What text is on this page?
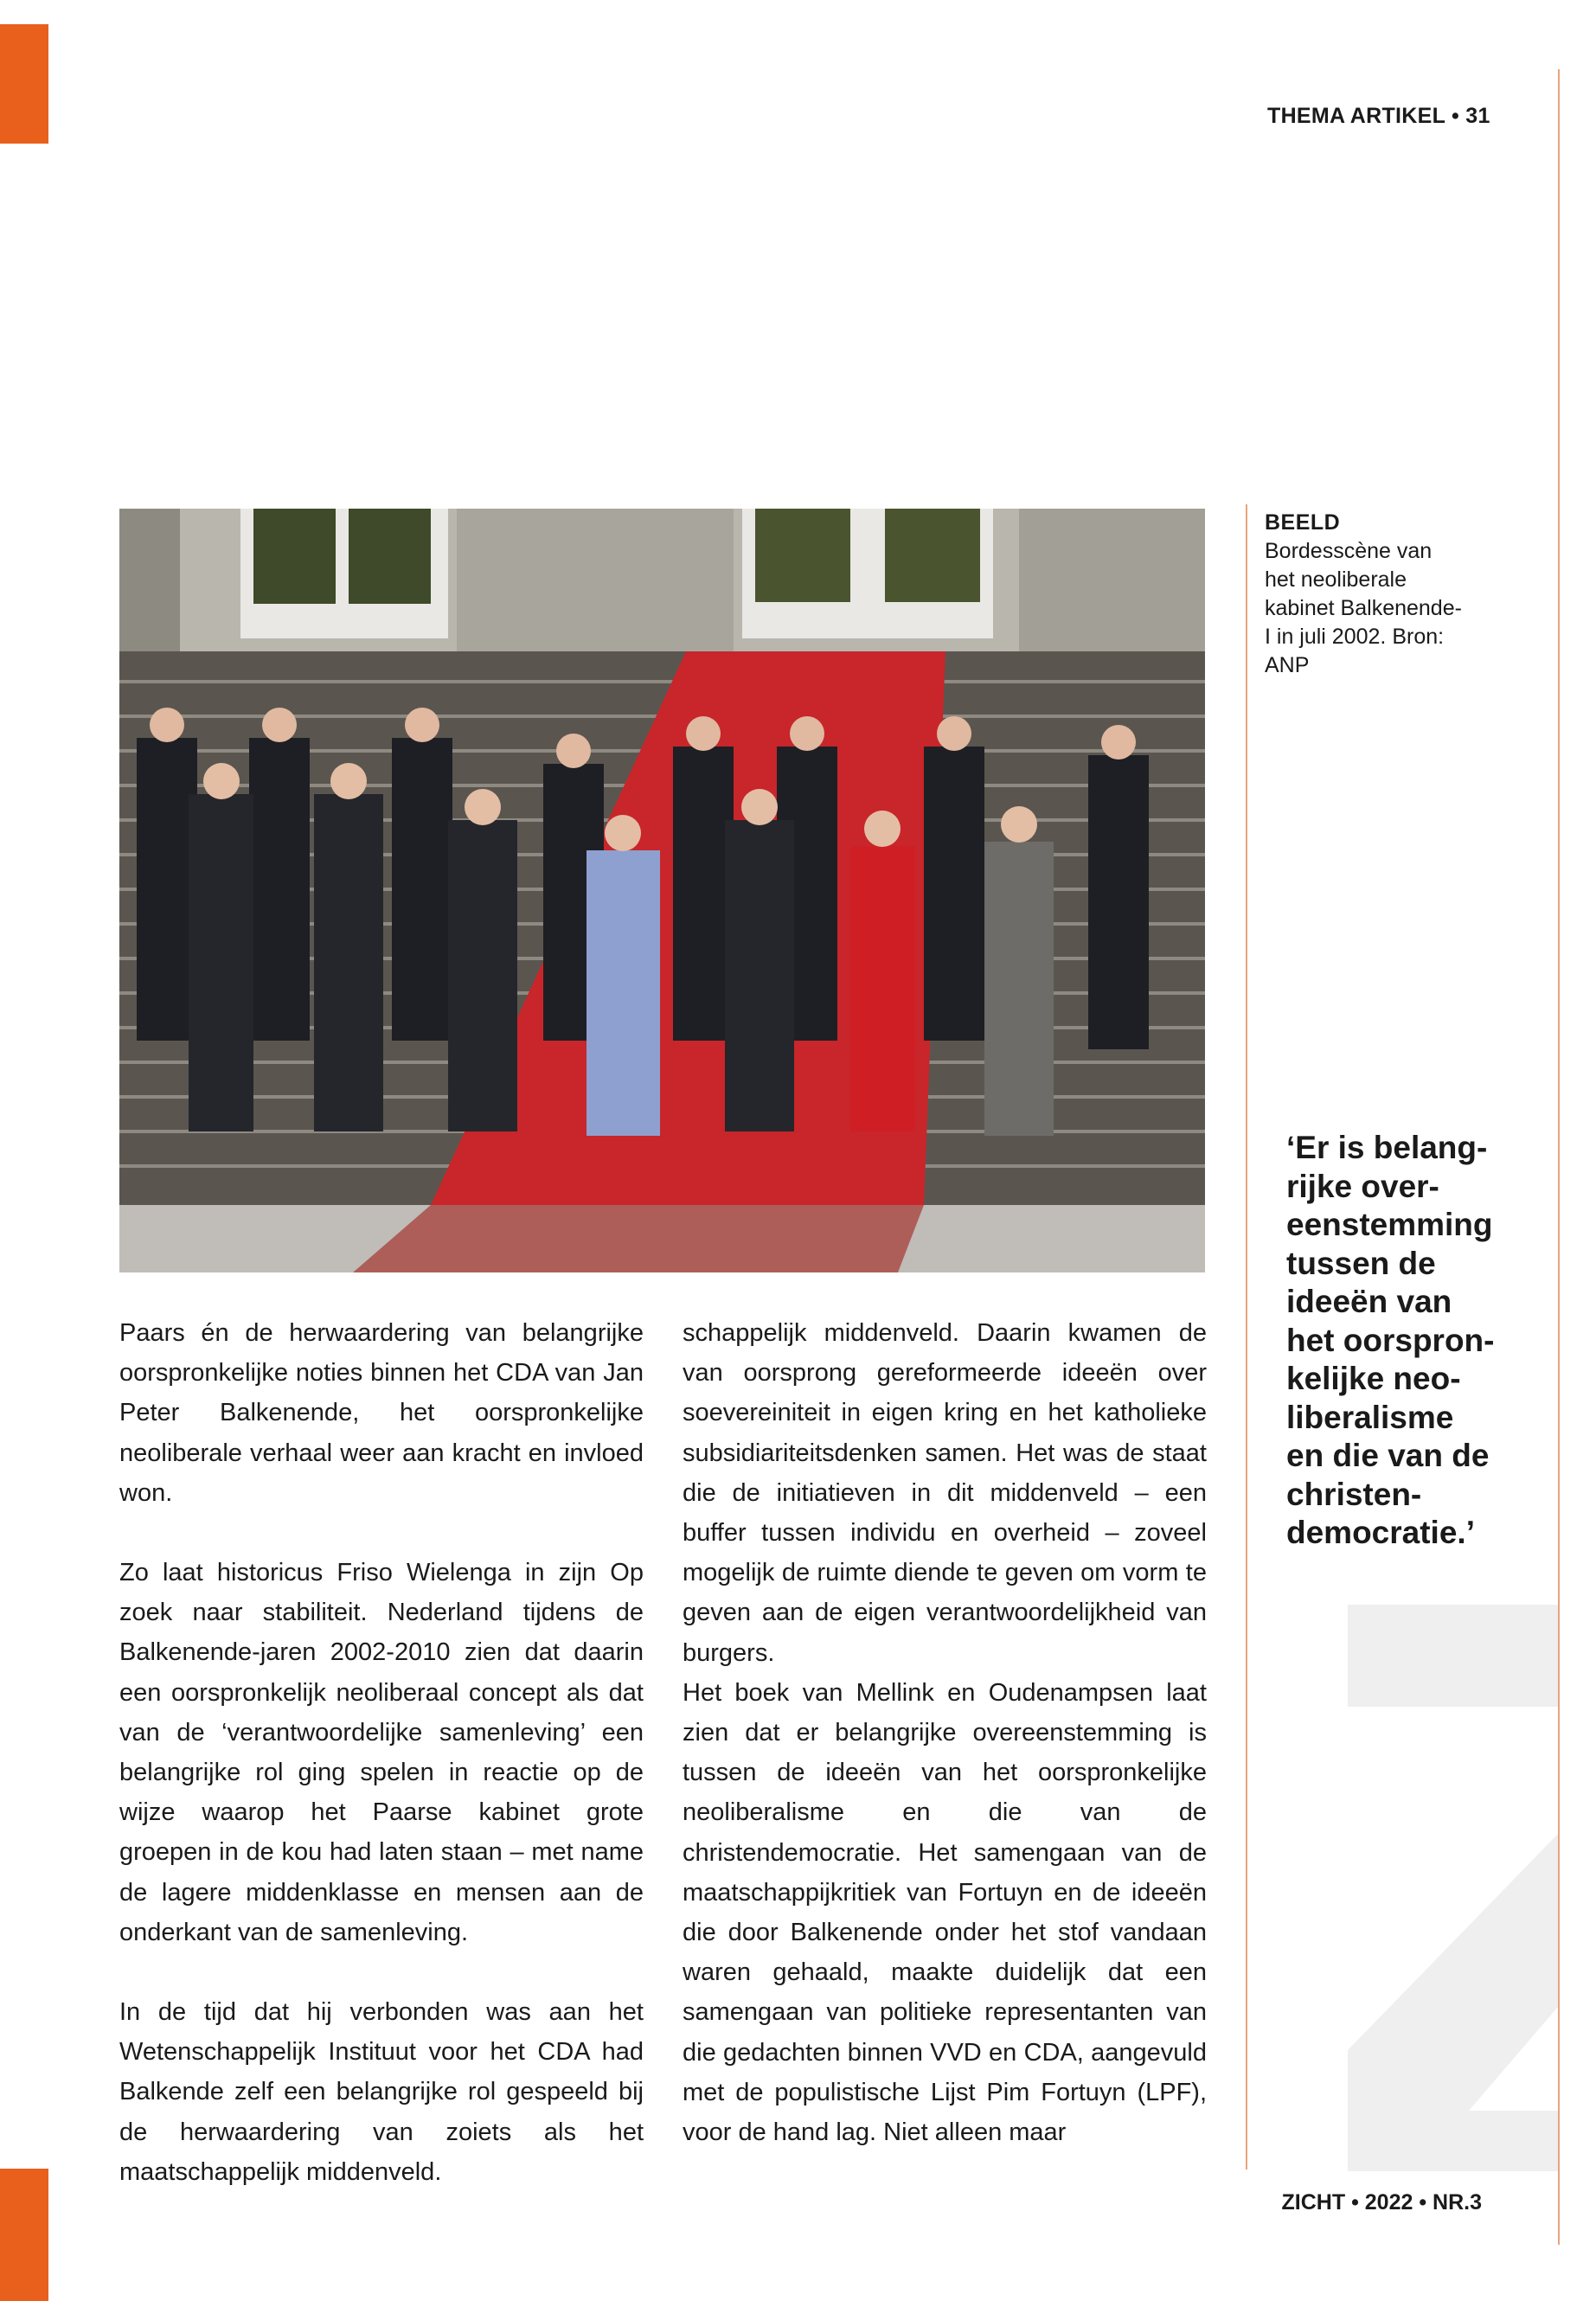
THEMA ARTIKEL • 31
BEELD
Bordesscène van het neoliberale kabinet Balkenende-I in juli 2002. Bron: ANP
‘Er is belang-
rijke over-
eenstemming
tussen de
ideeën van
het oorspron-
kelijke neo-
liberalisme
en die van de
christen-
democratie.’

Paars én de herwaardering van belangrijke oorspronkelijke noties binnen het CDA van Jan Peter Balkenende, het oorspronkelijke neoliberale verhaal weer aan kracht en invloed won.

Zo laat historicus Friso Wielenga in zijn Op zoek naar stabiliteit. Nederland tijdens de Balkenende-jaren 2002-2010 zien dat daarin een oorspronkelijk neoliberaal concept als dat van de ‘verantwoordelijke samenleving’ een belangrijke rol ging spelen in reactie op de wijze waarop het Paarse kabinet grote groepen in de kou had laten staan – met name de lagere middenklasse en mensen aan de onderkant van de samenleving.

In de tijd dat hij verbonden was aan het Wetenschappelijk Instituut voor het CDA had Balkende zelf een belangrijke rol gespeeld bij de herwaardering van zoiets als het maatschappelijk middenveld.

schappelijk middenveld. Daarin kwamen de van oorsprong gereformeerde ideeën over soevereiniteit in eigen kring en het katholieke subsidiariteitsdenken samen. Het was de staat die de initiatieven in dit middenveld – een buffer tussen individu en overheid – zoveel mogelijk de ruimte diende te geven om vorm te geven aan de eigen verantwoordelijkheid van burgers.

Het boek van Mellink en Oudenampsen laat zien dat er belangrijke overeenstemming is tussen de ideeën van het oorspronkelijke neoliberalisme en die van de christendemocratie. Het samengaan van de maatschappijkritiek van Fortuyn en de ideeën die door Balkenende onder het stof vandaan waren gehaald, maakte duidelijk dat een samengaan van politieke representanten van die gedachten binnen VVD en CDA, aangevuld met de populistische Lijst Pim Fortuyn (LPF), voor de hand lag. Niet alleen maar

ZICHT • 2022 • NR.3
